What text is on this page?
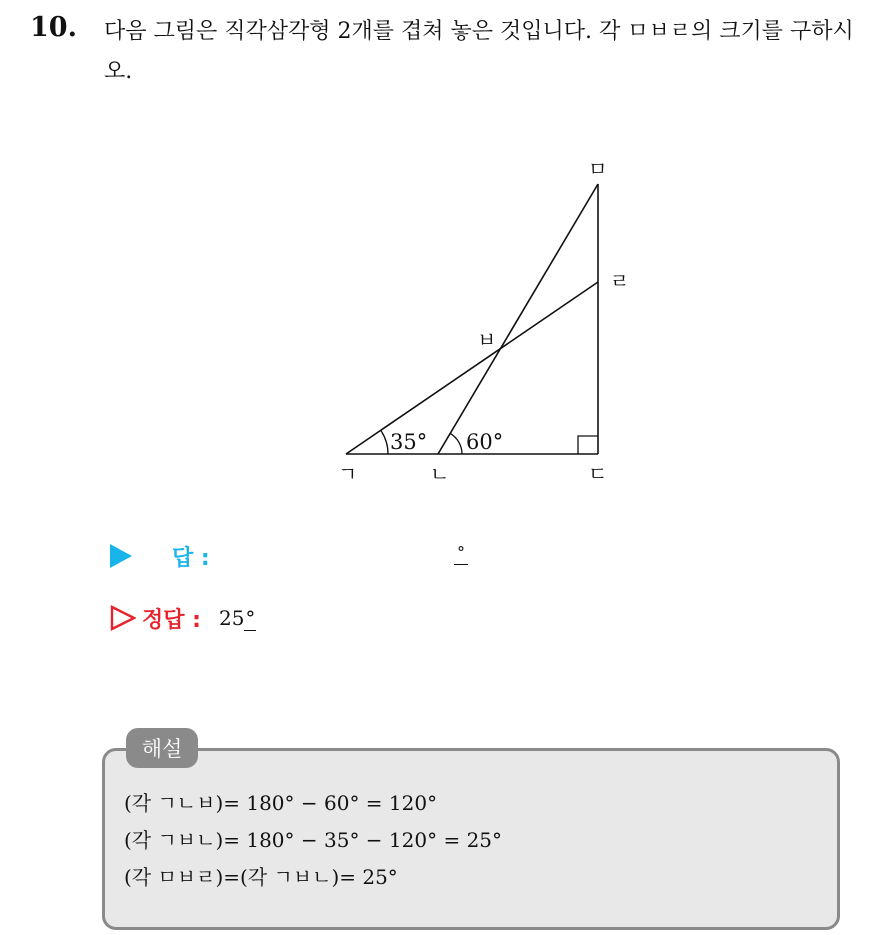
10. 다음 그림은 직각삼각형 2개를 겹쳐 놓은 것입니다. 각 ㅁㅂㄹ의 크기를 구하시오.
35° 60°
ㄱ	ㄴ	ㄷ
ㄹ
ㅁ
ㅂ
답 :	°
정답 : 25°
해설
(각 ㄱㄴㅂ)= 180° − 60° = 120°
(각 ㄱㅂㄴ)= 180° − 35° − 120° = 25°
(각 ㅁㅂㄹ)=(각 ㄱㅂㄴ)= 25°
